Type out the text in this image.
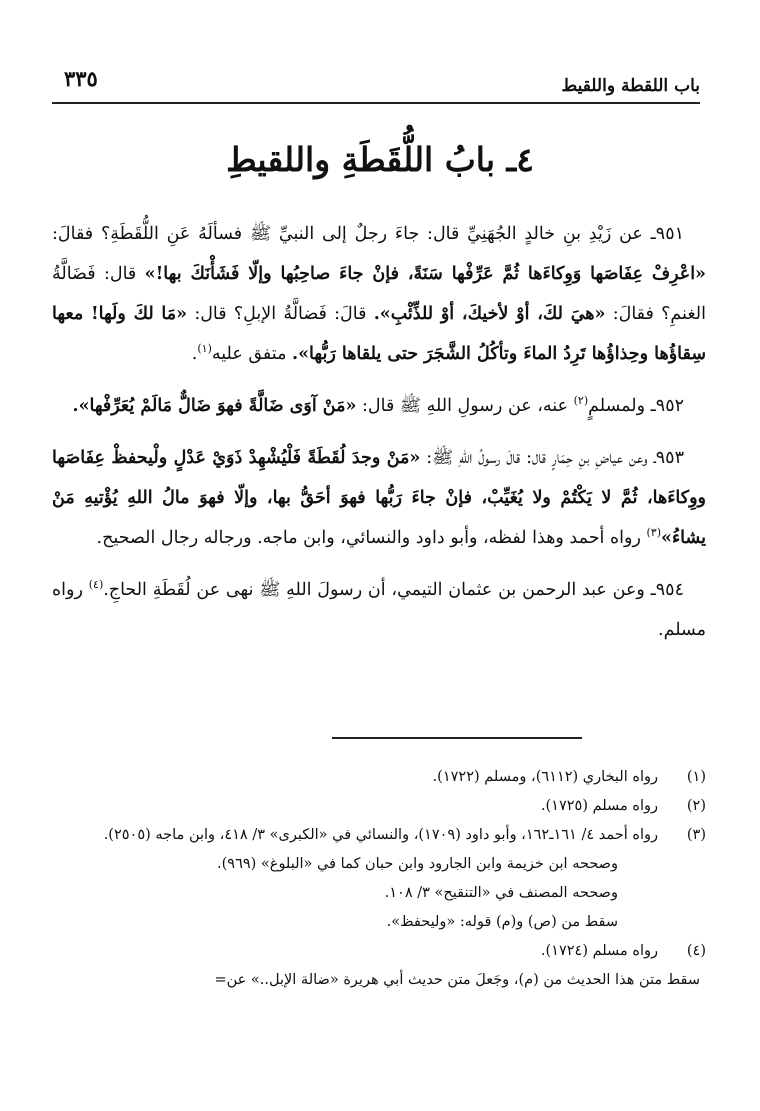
باب اللقطة واللقيط
٣٣٥
٤ـ بابُ اللُّقَطَةِ واللقيطِ

٩٥١ـ عن زَيْدِ بنِ خالدٍ الجُهَنِيِّ قال: جاءَ رجلٌ إلى النبيِّ ﷺ فسألَهُ عَنِ اللُّقَطَةِ؟ فقالَ: «اعْرِفْ عِفَاصَها وَوِكاءَها ثُمَّ عَرِّفْها سَنَةً، فإنْ جاءَ صاحِبُها وإلّا فَشَأْنَكَ بها!» قال: فَضَالَّةُ الغنمِ؟ فقالَ: «هيَ لكَ، أوْ لأخيكَ، أوْ للذِّئْبِ». قالَ: فَضالَّةُ الإبلِ؟ قال: «مَا لكَ ولَها! معها سِقاؤُها وحِذاؤُها تَرِدُ الماءَ وتأكُلُ الشَّجَرَ حتى يلقاها رَبُّها». متفق عليه$^{(١)}$.

٩٥٢ـ ولمسلمٍ$^{(٢)}$ عنه، عن رسولِ اللهِ ﷺ قال: «مَنْ آوَى ضَالَّةً فهوَ ضَالٌّ مَالَمْ يُعَرِّفْها».

٩٥٣ـ وعن عياضِ بنِ حِمَارٍ قال: قالَ رسولُ اللهِ ﷺ: «مَنْ وجدَ لُقَطَةً فَلْيُشْهِدْ ذَوَيْ عَدْلٍ ولْيحفظْ عِفَاصَها ووِكاءَها، ثُمَّ لا يَكْتُمْ ولا يُغَيِّبْ، فإنْ جاءَ رَبُّها فهوَ أحَقُّ بها، وإلّا فهوَ مالُ اللهِ يُؤْتيهِ مَنْ يشاءُ»$^{(٣)}$ رواه أحمد وهذا لفظه، وأبو داود والنسائي، وابن ماجه. ورجاله رجال الصحيح.

٩٥٤ـ وعن عبد الرحمن بن عثمان التيمي، أن رسولَ اللهِ ﷺ نهى عن لُقَطَةِ الحاجِ.$^{(٤)}$ رواه مسلم.

(١)
رواه البخاري (٦١١٢)، ومسلم (١٧٢٢).
(٢)
رواه مسلم (١٧٢٥).
(٣)
رواه أحمد ٤/ ١٦١ـ١٦٢، وأبو داود (١٧٠٩)، والنسائي في «الكبرى» ٣/ ٤١٨، وابن ماجه (٢٥٠٥).
وصححه ابن خزيمة وابن الجارود وابن حبان كما في «البلوغ» (٩٦٩).
وصححه المصنف في «التنقيح» ٣/ ١٠٨.
سقط من (ص) و(م) قوله: «وليحفظ».
(٤)
رواه مسلم (١٧٢٤).
سقط متن هذا الحديث من (م)، وجَعلَ متن حديث أبي هريرة «ضالة الإبل..» عن=
